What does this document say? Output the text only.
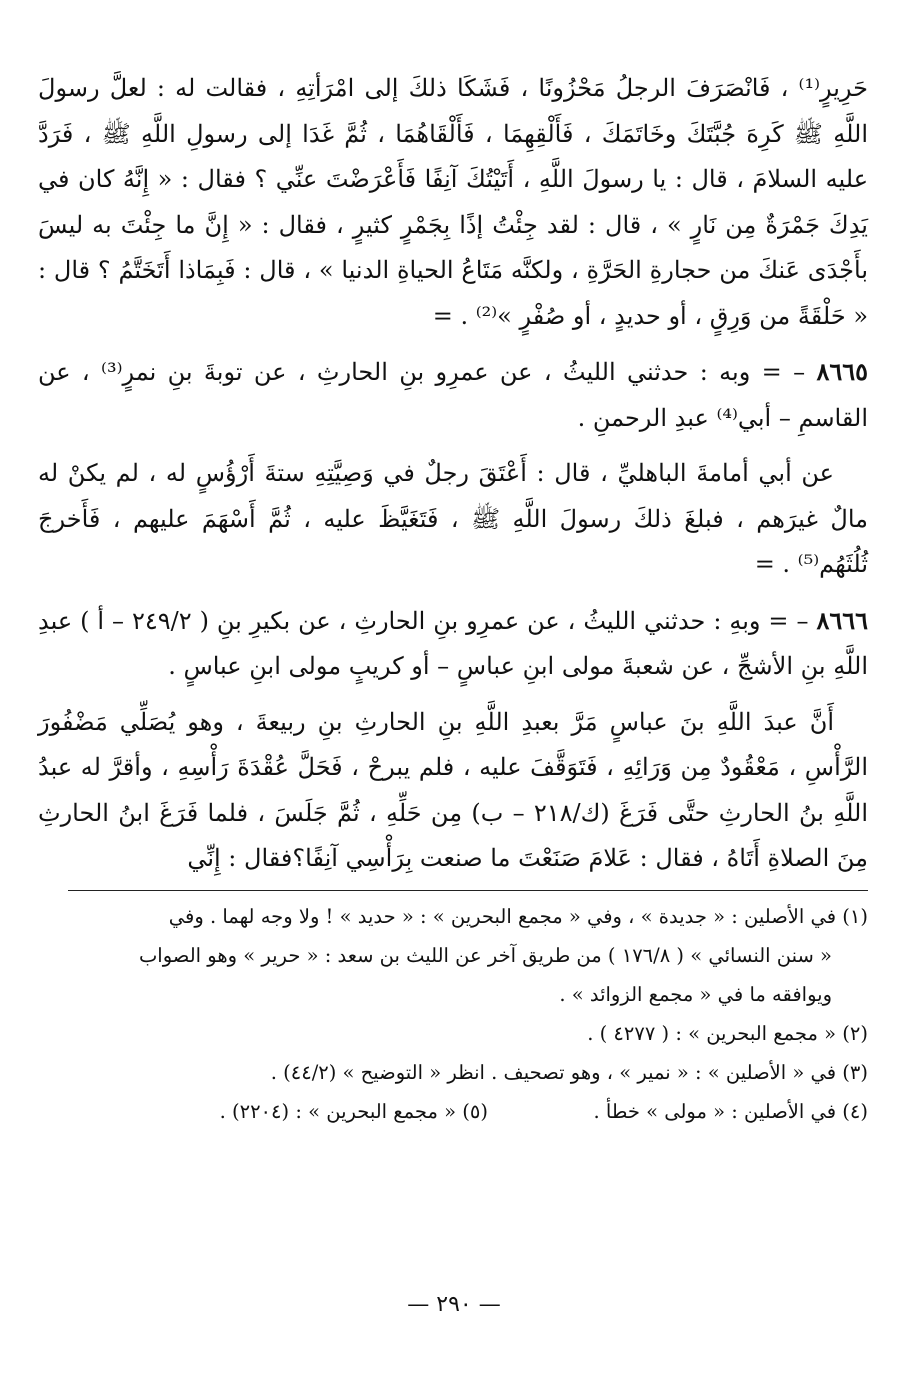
حَرِيرٍ⁽¹⁾ ، فَانْصَرَفَ الرجلُ مَحْزُونًا ، فَشَكَا ذلكَ إلى امْرَأتِهِ ، فقالت له : لعلَّ رسولَ اللَّهِ ﷺ كَرِهَ جُبَّتَكَ وخَاتَمَكَ ، فَأَلْقِهِمَا ، فَأَلْقَاهُمَا ، ثُمَّ غَدَا إلى رسولِ اللَّهِ ﷺ ، فَرَدَّ عليه السلامَ ، قال : يا رسولَ اللَّهِ ، أَتَيْتُكَ آنِفًا فَأَعْرَضْتَ عنِّي ؟ فقال : « إِنَّهُ كان في يَدِكَ جَمْرَةٌ مِن نَارٍ » ، قال : لقد جِئْتُ إذًا بِجَمْرٍ كثيرٍ ، فقال : « إِنَّ ما جِئْتَ به ليسَ بأَجْدَى عَنكَ من حجارةِ الحَرَّةِ ، ولكنَّه مَتَاعُ الحياةِ الدنيا » ، قال : فَبِمَاذا أَتَخَتَّمُ ؟ قال : « حَلْقَةً من وَرِقٍ ، أو حديدٍ ، أو صُفْرٍ »⁽²⁾ . =

٨٦٦٥ – = وبه : حدثني الليثُ ، عن عمرِو بنِ الحارثِ ، عن توبةَ بنِ نمرٍ⁽³⁾ ، عن القاسمِ – أبي⁽⁴⁾ عبدِ الرحمنِ .

عن أبي أمامةَ الباهليِّ ، قال : أَعْتَقَ رجلٌ في وَصِيَّتِهِ ستةَ أَرْؤُسٍ له ، لم يكنْ له مالٌ غيرَهم ، فبلغَ ذلكَ رسولَ اللَّهِ ﷺ ، فَتَغَيَّظَ عليه ، ثُمَّ أَسْهَمَ عليهم ، فَأَخرجَ ثُلُثَهُم⁽⁵⁾ . =

٨٦٦٦ – = وبهِ : حدثني الليثُ ، عن عمرِو بنِ الحارثِ ، عن بكيرِ بنِ ( ٢٤٩/٢ – أ ) عبدِ اللَّهِ بنِ الأشجِّ ، عن شعبةَ مولى ابنِ عباسٍ – أو كريبٍ مولى ابنِ عباسٍ .

أَنَّ عبدَ اللَّهِ بنَ عباسٍ مَرَّ بعبدِ اللَّهِ بنِ الحارثِ بنِ ربيعةَ ، وهو يُصَلِّي مَضْفُورَ الرَّأْسِ ، مَعْقُودٌ مِن وَرَائِهِ ، فَتَوَقَّفَ عليه ، فلم يبرحْ ، فَحَلَّ عُقْدَةَ رَأْسِهِ ، وأقرَّ له عبدُ اللَّهِ بنُ الحارثِ حتَّى فَرَغَ (ك/٢١٨ – ب) مِن حَلِّهِ ، ثُمَّ جَلَسَ ، فلما فَرَغَ ابنُ الحارثِ مِنَ الصلاةِ أَتَاهُ ، فقال : عَلامَ صَنَعْتَ ما صنعت بِرَأْسِي آنِفًا؟فقال : إِنِّي

(١) في الأصلين : « جديدة » ، وفي « مجمع البحرين » : « حديد » ! ولا وجه لهما . وفي

« سنن النسائي » ( ١٧٦/٨ ) من طريق آخر عن الليث بن سعد : « حرير » وهو الصواب

ويوافقه ما في « مجمع الزوائد » .

(٢) « مجمع البحرين » : ( ٤٢٧٧ ) .

(٣) في « الأصلين » : « نمير » ، وهو تصحيف . انظر « التوضيح » (٤٤/٢) .

(٤) في الأصلين : « مولى » خطأ .
(٥) « مجمع البحرين » : (٢٢٠٤) .
— ٢٩٠ —
